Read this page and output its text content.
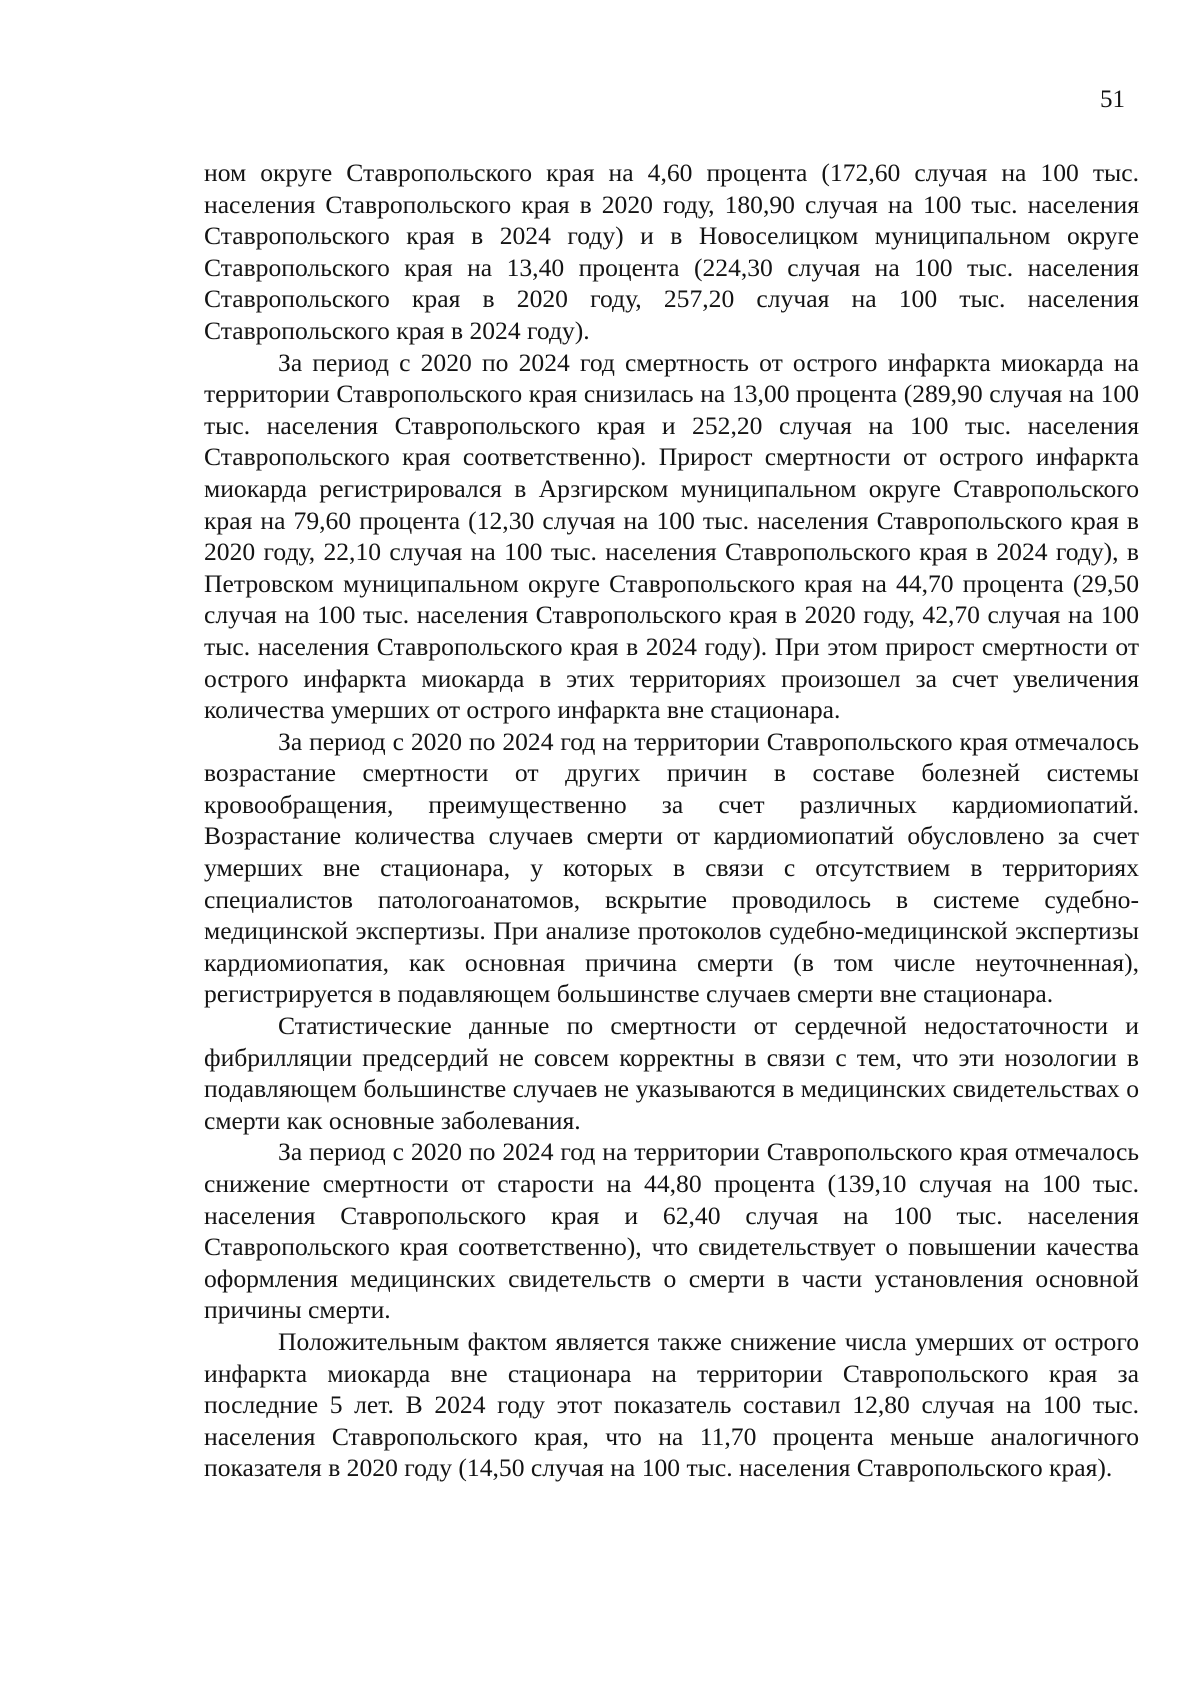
51

ном округе Ставропольского края на 4,60 процента (172,60 случая на 100 тыс. населения Ставропольского края в 2020 году, 180,90 случая на 100 тыс. населения Ставропольского края в 2024 году) и в Новоселицком муниципальном округе Ставропольского края на 13,40 процента (224,30 случая на 100 тыс. населения Ставропольского края в 2020 году, 257,20 случая на 100 тыс. населения Ставропольского края в 2024 году).

За период с 2020 по 2024 год смертность от острого инфаркта миокарда на территории Ставропольского края снизилась на 13,00 процента (289,90 случая на 100 тыс. населения Ставропольского края и 252,20 случая на 100 тыс. населения Ставропольского края соответственно). Прирост смертности от острого инфаркта миокарда регистрировался в Арзгирском муниципальном округе Ставропольского края на 79,60 процента (12,30 случая на 100 тыс. населения Ставропольского края в 2020 году, 22,10 случая на 100 тыс. населения Ставропольского края в 2024 году), в Петровском муниципальном округе Ставропольского края на 44,70 процента (29,50 случая на 100 тыс. населения Ставропольского края в 2020 году, 42,70 случая на 100 тыс. населения Ставропольского края в 2024 году). При этом прирост смертности от острого инфаркта миокарда в этих территориях произошел за счет увеличения количества умерших от острого инфаркта вне стационара.

За период с 2020 по 2024 год на территории Ставропольского края отмечалось возрастание смертности от других причин в составе болезней системы кровообращения, преимущественно за счет различных кардиомиопатий. Возрастание количества случаев смерти от кардиомиопатий обусловлено за счет умерших вне стационара, у которых в связи с отсутствием в территориях специалистов патологоанатомов, вскрытие проводилось в системе судебно-медицинской экспертизы. При анализе протоколов судебно-медицинской экспертизы кардиомиопатия, как основная причина смерти (в том числе неуточненная), регистрируется в подавляющем большинстве случаев смерти вне стационара.

Статистические данные по смертности от сердечной недостаточности и фибрилляции предсердий не совсем корректны в связи с тем, что эти нозологии в подавляющем большинстве случаев не указываются в медицинских свидетельствах о смерти как основные заболевания.

За период с 2020 по 2024 год на территории Ставропольского края отмечалось снижение смертности от старости на 44,80 процента (139,10 случая на 100 тыс. населения Ставропольского края и 62,40 случая на 100 тыс. населения Ставропольского края соответственно), что свидетельствует о повышении качества оформления медицинских свидетельств о смерти в части установления основной причины смерти.

Положительным фактом является также снижение числа умерших от острого инфаркта миокарда вне стационара на территории Ставропольского края за последние 5 лет. В 2024 году этот показатель составил 12,80 случая на 100 тыс. населения Ставропольского края, что на 11,70 процента меньше аналогичного показателя в 2020 году (14,50 случая на 100 тыс. населения Ставропольского края).
